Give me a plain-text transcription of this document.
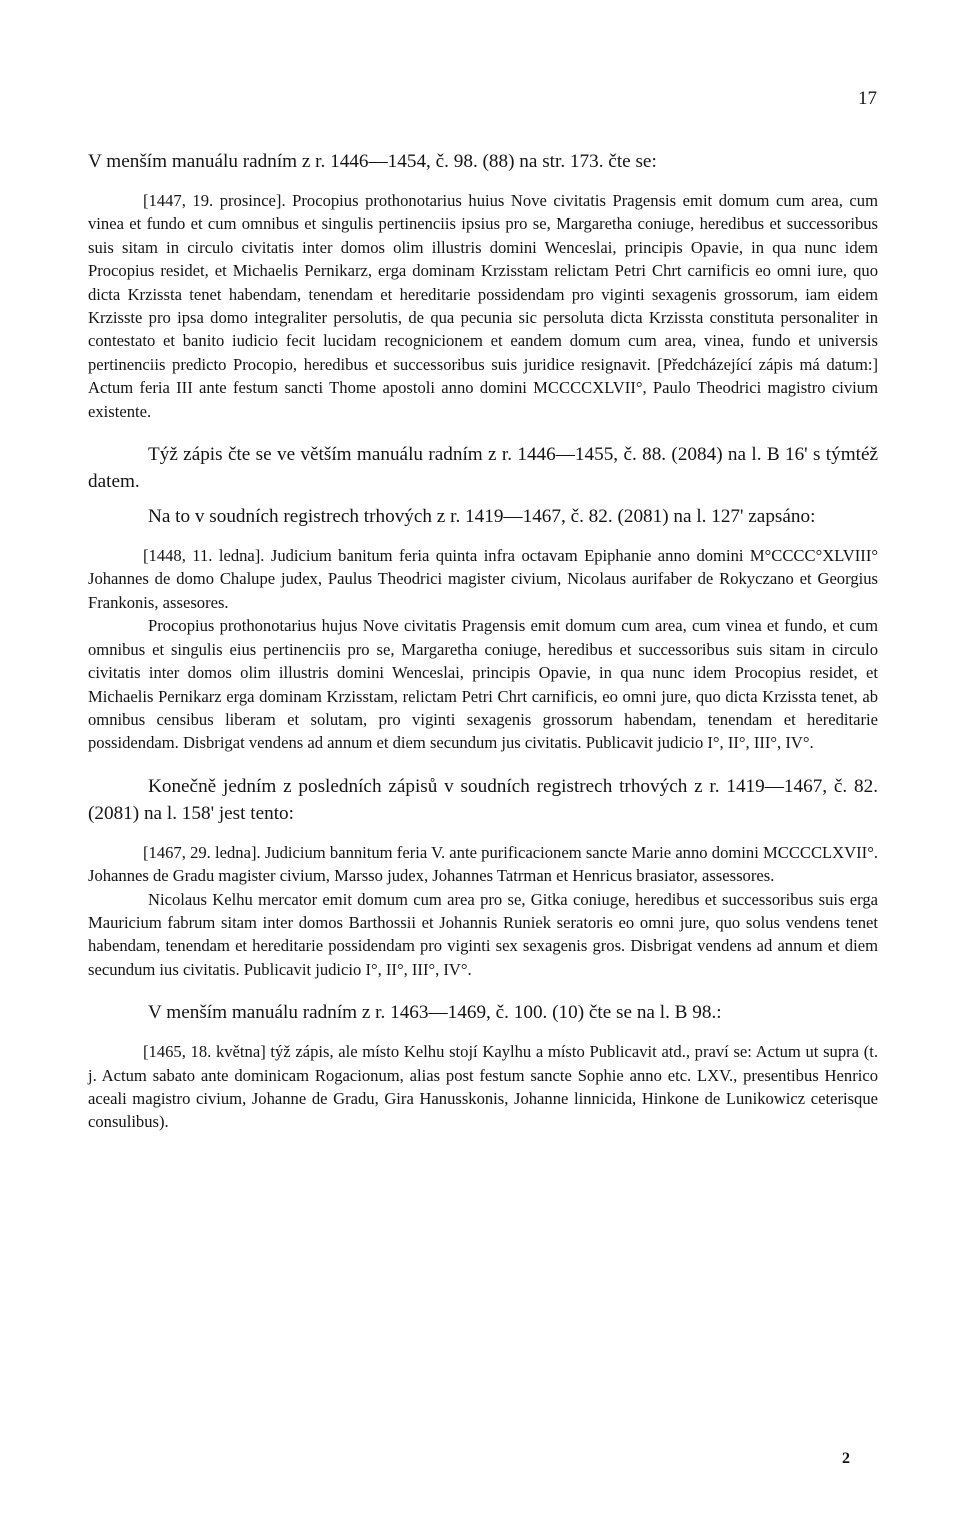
17

V menším manuálu radním z r. 1446—1454, č. 98. (88) na str. 173. čte se:

[1447, 19. prosince]. Procopius prothonotarius huius Nove civitatis Pragensis emit domum cum area, cum vinea et fundo et cum omnibus et singulis pertinenciis ipsius pro se, Margaretha coniuge, heredibus et successoribus suis sitam in circulo civitatis inter domos olim illustris domini Wenceslai, principis Opavie, in qua nunc idem Procopius residet, et Michaelis Pernikarz, erga dominam Krzisstam relictam Petri Chrt carnificis eo omni iure, quo dicta Krzissta tenet habendam, tenendam et hereditarie possidendam pro viginti sexagenis grossorum, iam eidem Krzisste pro ipsa domo integraliter persolutis, de qua pecunia sic persoluta dicta Krzissta constituta personaliter in contestato et banito iudicio fecit lucidam recognicionem et eandem domum cum area, vinea, fundo et universis pertinenciis predicto Procopio, heredibus et successoribus suis juridice resignavit. [Předcházející zápis má datum:] Actum feria III ante festum sancti Thome apostoli anno domini MCCCCXLVII°, Paulo Theodrici magistro civium existente.

Týž zápis čte se ve větším manuálu radním z r. 1446—1455, č. 88. (2084) na l. B 16' s týmtéž datem.

Na to v soudních registrech trhových z r. 1419—1467, č. 82. (2081) na l. 127' zapsáno:

[1448, 11. ledna]. Judicium banitum feria quinta infra octavam Epiphanie anno domini M°CCCC°XLVIII° Johannes de domo Chalupe judex, Paulus Theodrici magister civium, Nicolaus aurifaber de Rokyczano et Georgius Frankonis, assesores.

Procopius prothonotarius hujus Nove civitatis Pragensis emit domum cum area, cum vinea et fundo, et cum omnibus et singulis eius pertinenciis pro se, Margaretha coniuge, heredibus et successoribus suis sitam in circulo civitatis inter domos olim illustris domini Wenceslai, principis Opavie, in qua nunc idem Procopius residet, et Michaelis Pernikarz erga dominam Krzisstam, relictam Petri Chrt carnificis, eo omni jure, quo dicta Krzissta tenet, ab omnibus censibus liberam et solutam, pro viginti sexagenis grossorum habendam, tenendam et hereditarie possidendam. Disbrigat vendens ad annum et diem secundum jus civitatis. Publicavit judicio I°, II°, III°, IV°.

Konečně jedním z posledních zápisů v soudních registrech trhových z r. 1419—1467, č. 82. (2081) na l. 158' jest tento:

[1467, 29. ledna]. Judicium bannitum feria V. ante purificacionem sancte Marie anno domini MCCCCLXVII°. Johannes de Gradu magister civium, Marsso judex, Johannes Tatrman et Henricus brasiator, assessores.

Nicolaus Kelhu mercator emit domum cum area pro se, Gitka coniuge, heredibus et successoribus suis erga Mauricium fabrum sitam inter domos Barthossii et Johannis Runiek seratoris eo omni jure, quo solus vendens tenet habendam, tenendam et hereditarie possidendam pro viginti sex sexagenis gros. Disbrigat vendens ad annum et diem secundum ius civitatis. Publicavit judicio I°, II°, III°, IV°.

V menším manuálu radním z r. 1463—1469, č. 100. (10) čte se na l. B 98.:

[1465, 18. května] týž zápis, ale místo Kelhu stojí Kaylhu a místo Publicavit atd., praví se: Actum ut supra (t. j. Actum sabato ante dominicam Rogacionum, alias post festum sancte Sophie anno etc. LXV., presentibus Henrico aceali magistro civium, Johanne de Gradu, Gira Hanusskonis, Johanne linnicida, Hinkone de Lunikowicz ceterisque consulibus).

2
